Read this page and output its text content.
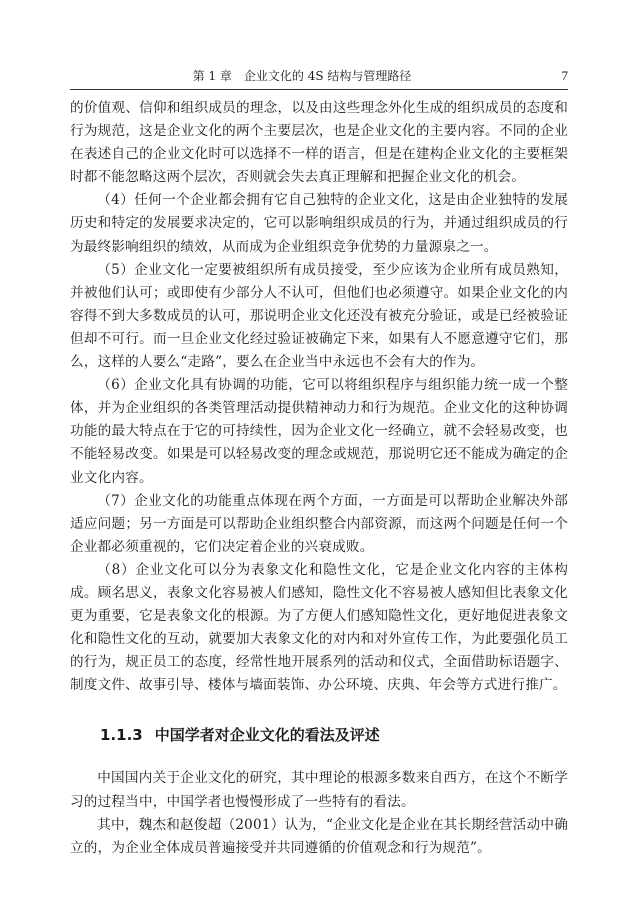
第 1 章　企业文化的 4S 结构与管理路径	7

的价值观、信仰和组织成员的理念，以及由这些理念外化生成的组织成员的态度和行为规范，这是企业文化的两个主要层次，也是企业文化的主要内容。不同的企业在表述自己的企业文化时可以选择不一样的语言，但是在建构企业文化的主要框架时都不能忽略这两个层次，否则就会失去真正理解和把握企业文化的机会。

（4）任何一个企业都会拥有它自己独特的企业文化，这是由企业独特的发展历史和特定的发展要求决定的，它可以影响组织成员的行为，并通过组织成员的行为最终影响组织的绩效，从而成为企业组织竞争优势的力量源泉之一。

（5）企业文化一定要被组织所有成员接受，至少应该为企业所有成员熟知，并被他们认可；或即使有少部分人不认可，但他们也必须遵守。如果企业文化的内容得不到大多数成员的认可，那说明企业文化还没有被充分验证，或是已经被验证但却不可行。而一旦企业文化经过验证被确定下来，如果有人不愿意遵守它们，那么，这样的人要么“走路”，要么在企业当中永远也不会有大的作为。

（6）企业文化具有协调的功能，它可以将组织程序与组织能力统一成一个整体，并为企业组织的各类管理活动提供精神动力和行为规范。企业文化的这种协调功能的最大特点在于它的可持续性，因为企业文化一经确立，就不会轻易改变，也不能轻易改变。如果是可以轻易改变的理念或规范，那说明它还不能成为确定的企业文化内容。

（7）企业文化的功能重点体现在两个方面，一方面是可以帮助企业解决外部适应问题；另一方面是可以帮助企业组织整合内部资源，而这两个问题是任何一个企业都必须重视的，它们决定着企业的兴衰成败。

（8）企业文化可以分为表象文化和隐性文化，它是企业文化内容的主体构成。顾名思义，表象文化容易被人们感知，隐性文化不容易被人感知但比表象文化更为重要，它是表象文化的根源。为了方便人们感知隐性文化，更好地促进表象文化和隐性文化的互动，就要加大表象文化的对内和对外宣传工作，为此要强化员工的行为，规正员工的态度，经常性地开展系列的活动和仪式，全面借助标语题字、制度文件、故事引导、楼体与墙面装饰、办公环境、庆典、年会等方式进行推广。

1.1.3 中国学者对企业文化的看法及评述

中国国内关于企业文化的研究，其中理论的根源多数来自西方，在这个不断学习的过程当中，中国学者也慢慢形成了一些特有的看法。

其中，魏杰和赵俊超（2001）认为，“企业文化是企业在其长期经营活动中确立的，为企业全体成员普遍接受并共同遵循的价值观念和行为规范”。
